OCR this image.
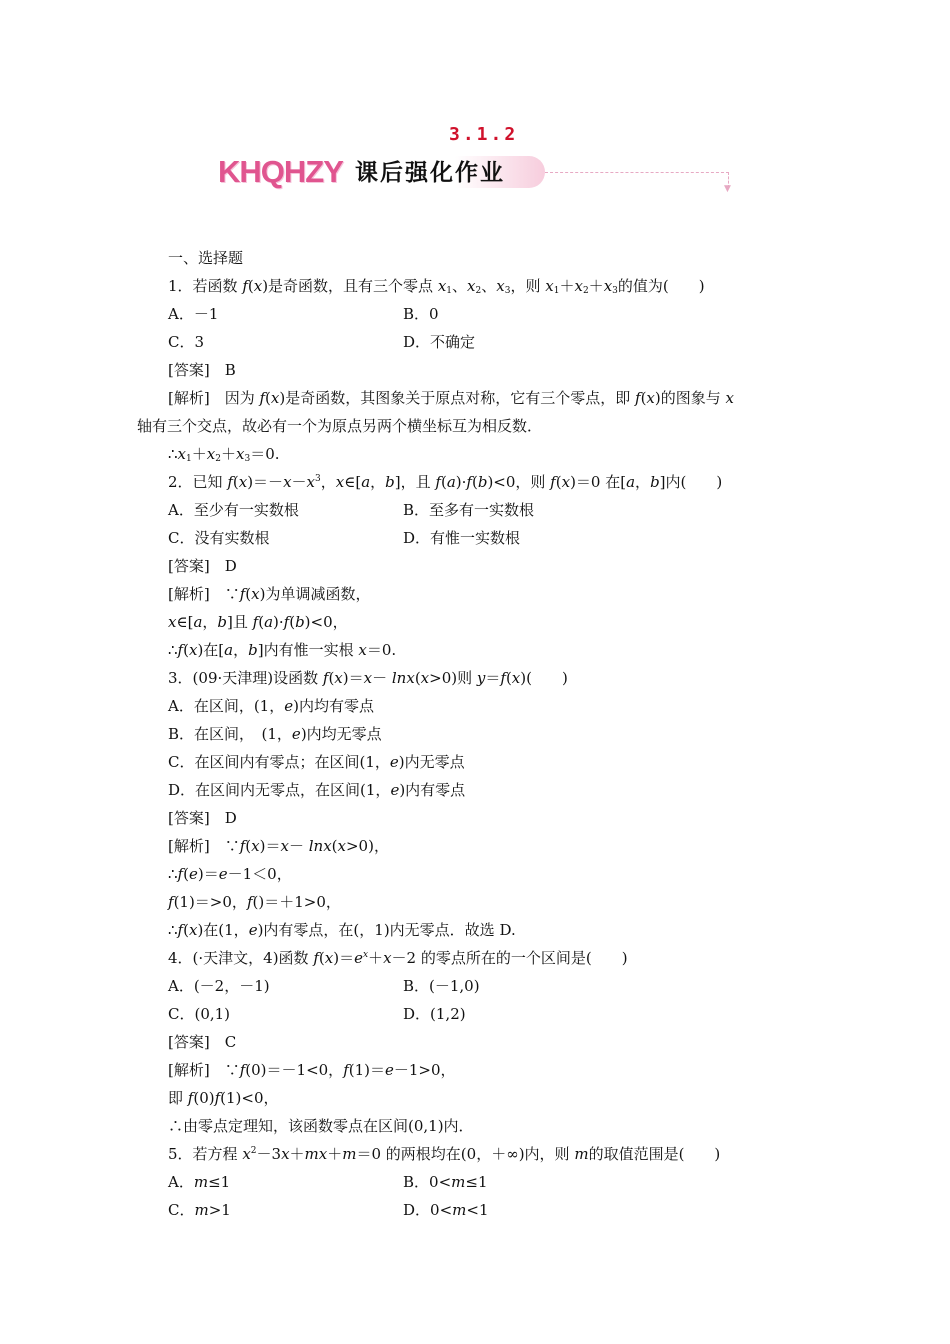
3.1.2
KHQHZY 课后强化作业
▼
一、选择题
1．若函数 f(x)是奇函数，且有三个零点 $x_1$、$x_2$、$x_3$，则 $x_1+x_2+x_3$的值为(　　)
A．－1	B．0
C．3	D．不确定
[答案]　B
[解析]　因为 f(x)是奇函数，其图象关于原点对称，它有三个零点，即 f(x)的图象与 x
轴有三个交点，故必有一个为原点另两个横坐标互为相反数．
$\therefore x_1+x_2+x_3=0$.
2．已知 $f(x)=-x-x^3$，x∈[a，b]，且 f(a)·f(b)<0，则 f(x)＝0 在[a，b]内(　　)
A．至少有一实数根	B．至多有一实数根
C．没有实数根	D．有惟一实数根
[答案]　D
[解析]　∵f(x)为单调减函数，
x∈[a，b]且 f(a)·f(b)<0，
∴f(x)在[a，b]内有惟一实根 x＝0.
3．(09·天津理)设函数 f(x)＝x－ lnx(x>0)则 y＝f(x)(　　)
A．在区间，(1，e)内均有零点
B．在区间，　(1，e)内均无零点
C．在区间内有零点；在区间(1，e)内无零点
D．在区间内无零点，在区间(1，e)内有零点
[答案]　D
[解析]　∵f(x)＝x－ lnx(x>0)，
∴f(e)＝e－1＜0，
f(1)＝>0，f()＝＋1>0，
∴f(x)在(1，e)内有零点，在(，1)内无零点．故选 D.
4．(·天津文，4)函数 $f(x)=e^x+x-2$ 的零点所在的一个区间是(　　)
A．(－2，－1)	B．(－1,0)
C．(0,1)	D．(1,2)
[答案]　C
[解析]　∵f(0)＝－1<0，f(1)＝e－1>0，
即 f(0)f(1)<0，
∴由零点定理知，该函数零点在区间(0,1)内．
5．若方程 $x^2-3x+mx+m=0$ 的两根均在(0，＋∞)内，则 m的取值范围是(　　)
A．m≤1	B．0<m≤1
C．m>1	D．0<m<1
